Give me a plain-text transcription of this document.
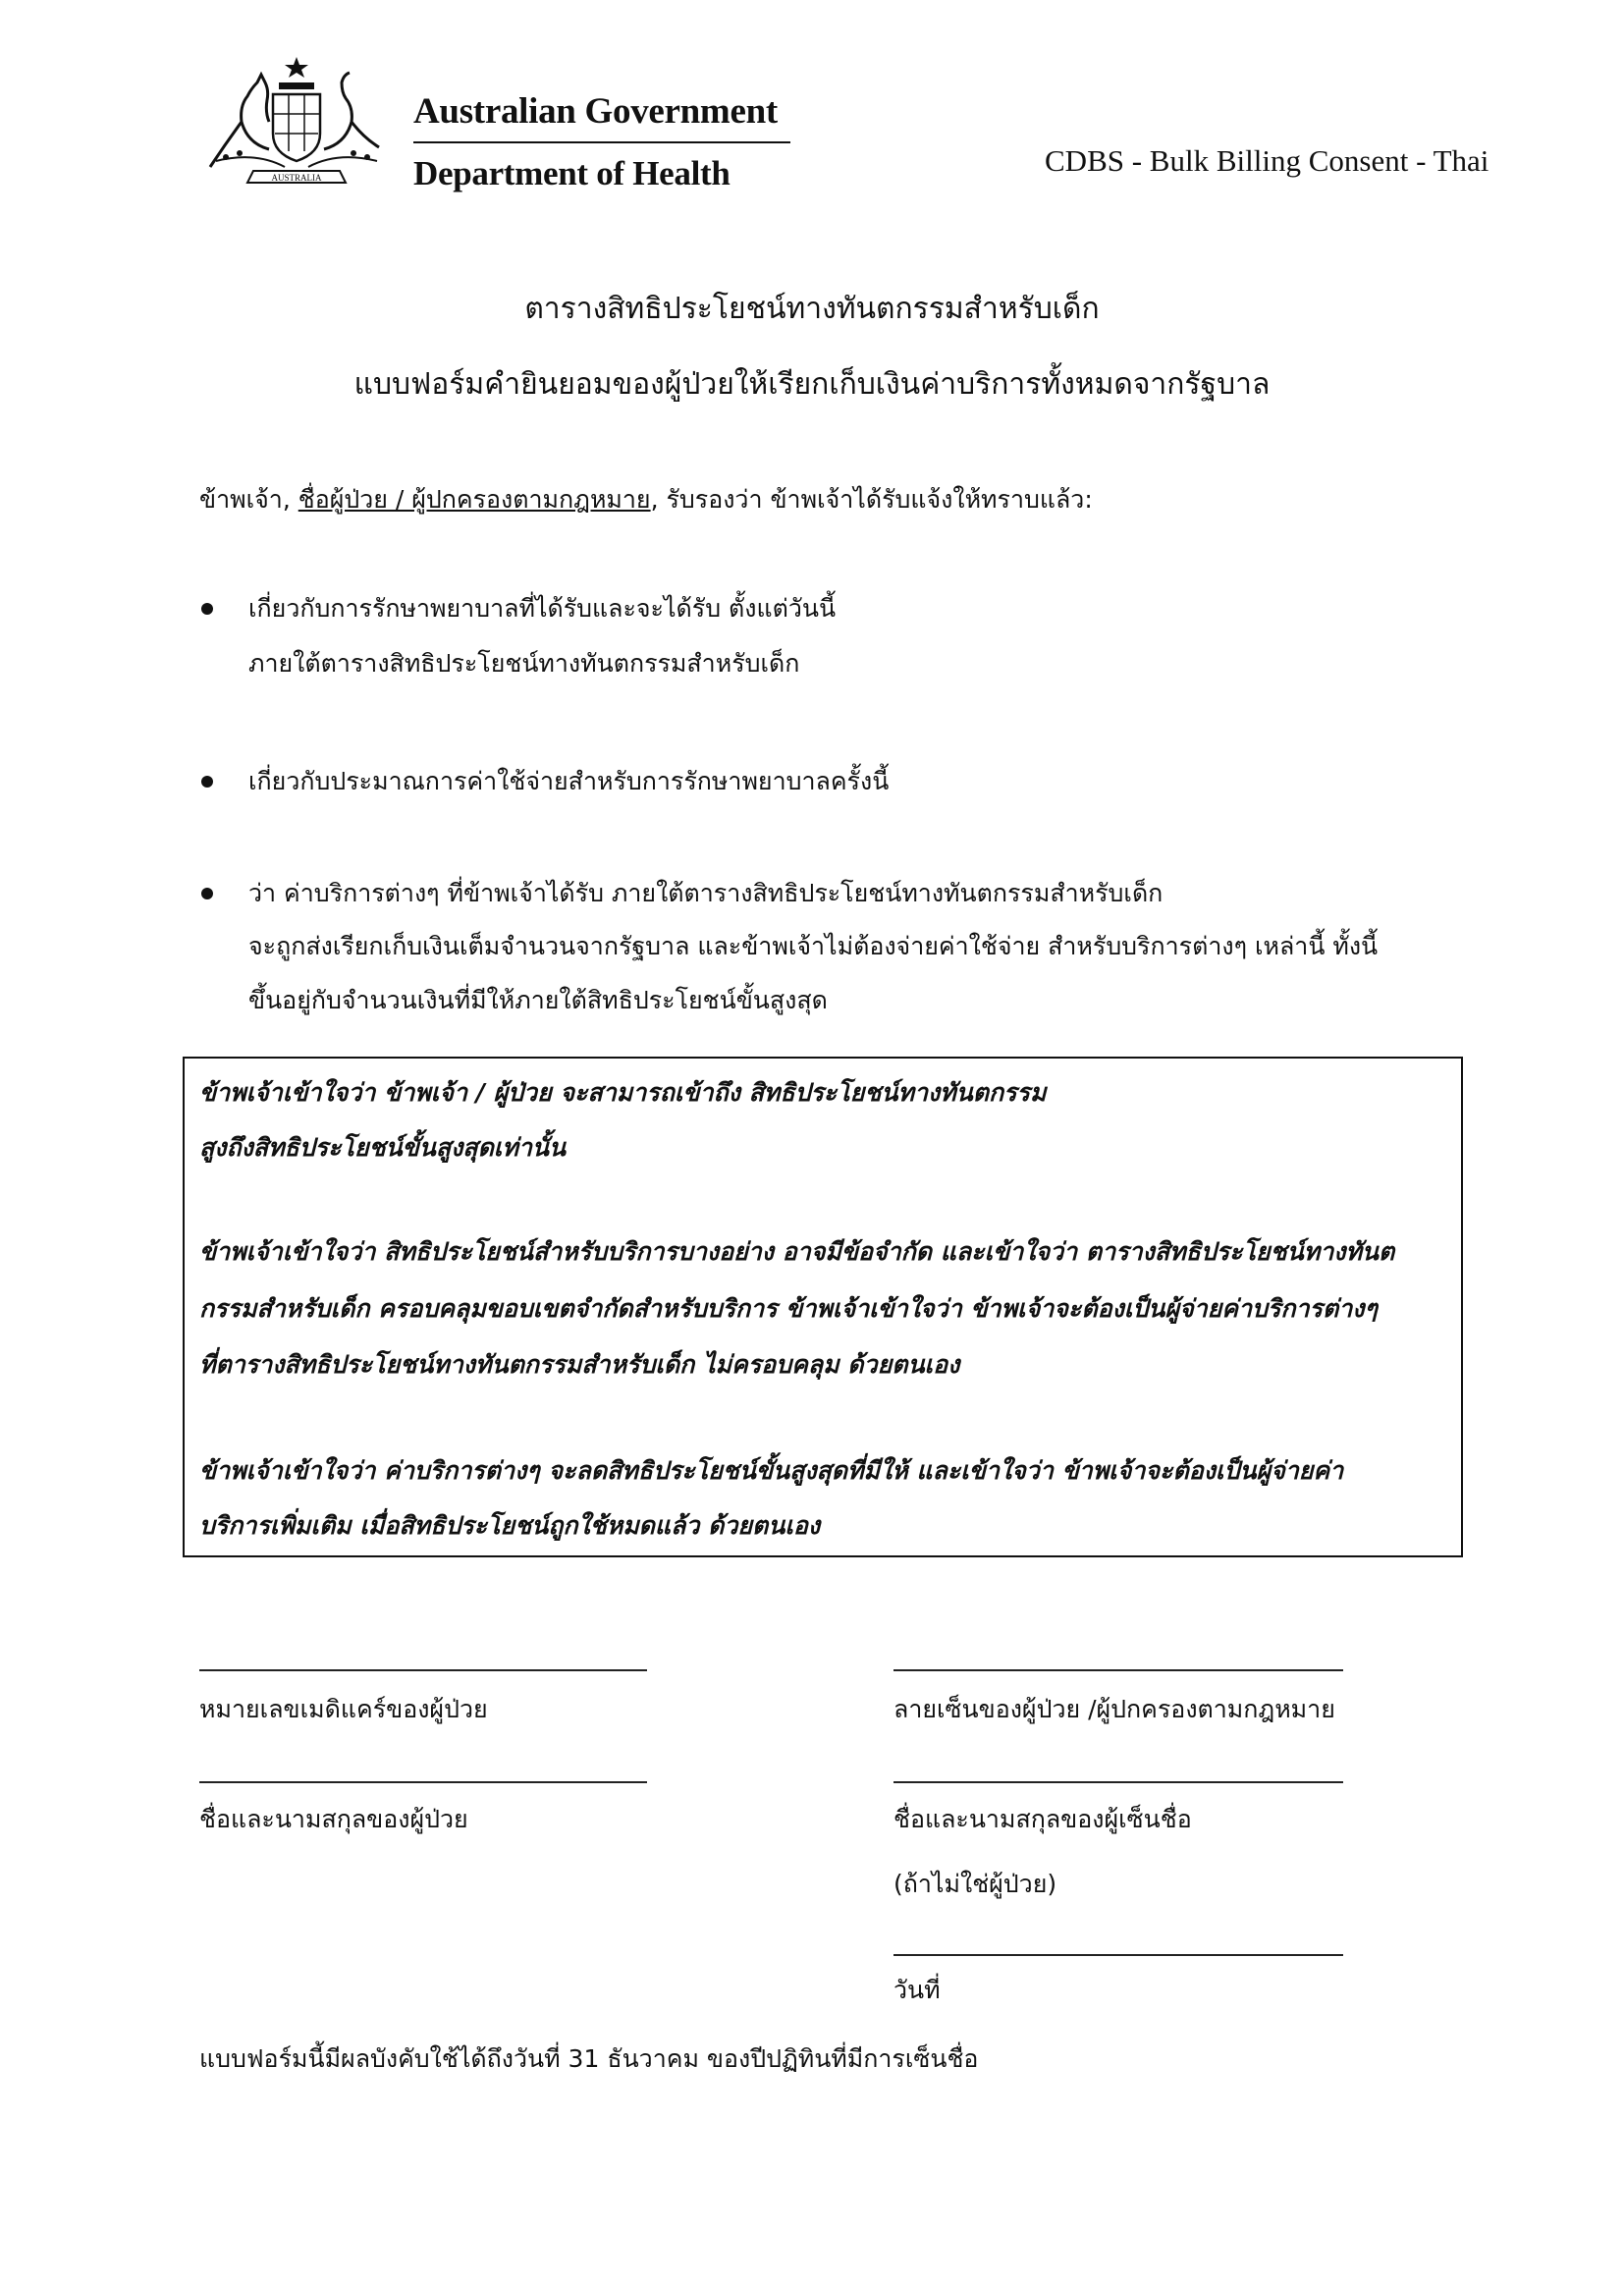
AUSTRALIA
Australian Government
Department of Health	CDBS - Bulk Billing Consent - Thai
ตารางสิทธิประโยชน์ทางทันตกรรมสำหรับเด็ก
แบบฟอร์มคำยินยอมของผู้ป่วยให้เรียกเก็บเงินค่าบริการทั้งหมดจากรัฐบาล
ข้าพเจ้า, ชื่อผู้ป่วย / ผู้ปกครองตามกฎหมาย, รับรองว่า ข้าพเจ้าได้รับแจ้งให้ทราบแล้ว:
เกี่ยวกับการรักษาพยาบาลที่ได้รับและจะได้รับ ตั้งแต่วันนี้
ภายใต้ตารางสิทธิประโยชน์ทางทันตกรรมสำหรับเด็ก
เกี่ยวกับประมาณการค่าใช้จ่ายสำหรับการรักษาพยาบาลครั้งนี้
ว่า ค่าบริการต่างๆ ที่ข้าพเจ้าได้รับ ภายใต้ตารางสิทธิประโยชน์ทางทันตกรรมสำหรับเด็ก
จะถูกส่งเรียกเก็บเงินเต็มจำนวนจากรัฐบาล และข้าพเจ้าไม่ต้องจ่ายค่าใช้จ่าย สำหรับบริการต่างๆ เหล่านี้ ทั้งนี้
ขึ้นอยู่กับจำนวนเงินที่มีให้ภายใต้สิทธิประโยชน์ขั้นสูงสุด
ข้าพเจ้าเข้าใจว่า ข้าพเจ้า / ผู้ป่วย จะสามารถเข้าถึง สิทธิประโยชน์ทางทันตกรรม
สูงถึงสิทธิประโยชน์ขั้นสูงสุดเท่านั้น
ข้าพเจ้าเข้าใจว่า สิทธิประโยชน์สำหรับบริการบางอย่าง อาจมีข้อจำกัด และเข้าใจว่า ตารางสิทธิประโยชน์ทางทันต
กรรมสำหรับเด็ก ครอบคลุมขอบเขตจำกัดสำหรับบริการ ข้าพเจ้าเข้าใจว่า ข้าพเจ้าจะต้องเป็นผู้จ่ายค่าบริการต่างๆ
ที่ตารางสิทธิประโยชน์ทางทันตกรรมสำหรับเด็ก ไม่ครอบคลุม ด้วยตนเอง
ข้าพเจ้าเข้าใจว่า ค่าบริการต่างๆ จะลดสิทธิประโยชน์ขั้นสูงสุดที่มีให้ และเข้าใจว่า ข้าพเจ้าจะต้องเป็นผู้จ่ายค่า
บริการเพิ่มเติม เมื่อสิทธิประโยชน์ถูกใช้หมดแล้ว ด้วยตนเอง
หมายเลขเมดิแคร์ของผู้ป่วย	ลายเซ็นของผู้ป่วย /ผู้ปกครองตามกฎหมาย
ชื่อและนามสกุลของผู้ป่วย	ชื่อและนามสกุลของผู้เซ็นชื่อ
(ถ้าไม่ใช่ผู้ป่วย)
วันที่
แบบฟอร์มนี้มีผลบังคับใช้ได้ถึงวันที่ 31 ธันวาคม ของปีปฏิทินที่มีการเซ็นชื่อ
